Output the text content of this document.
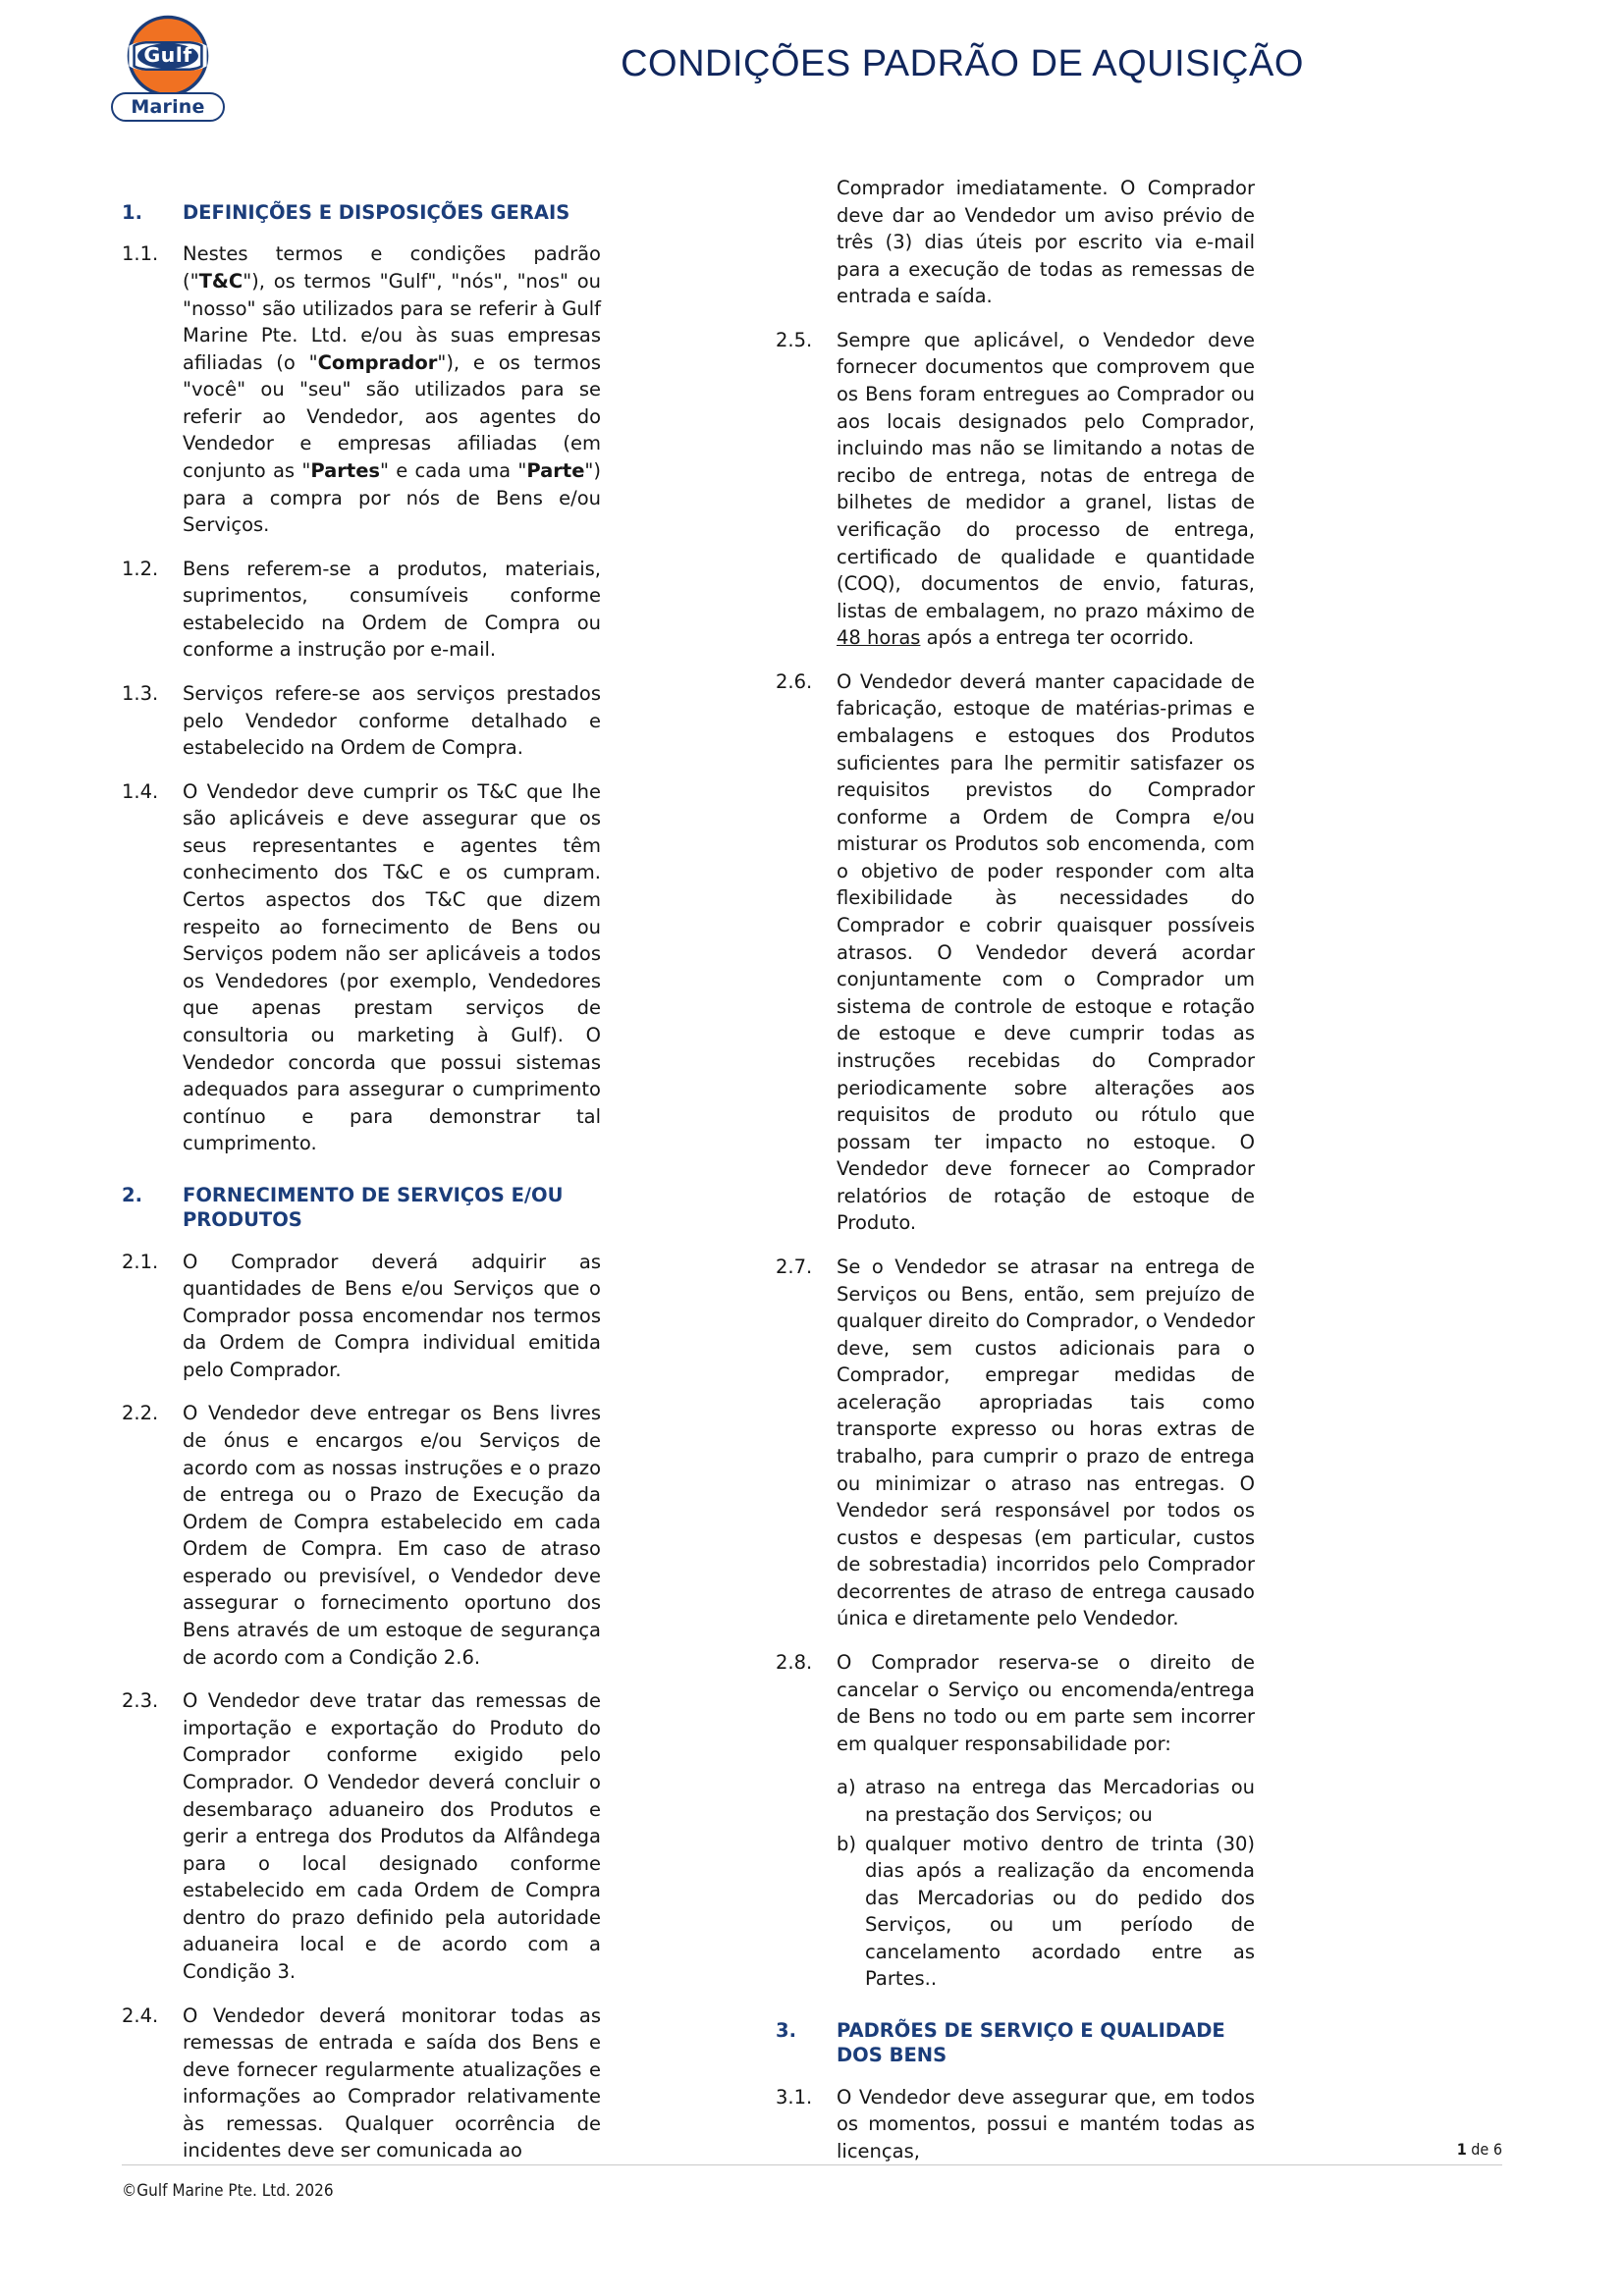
Gulf
Marine
CONDIÇÕES PADRÃO DE AQUISIÇÃO
1.	DEFINIÇÕES E DISPOSIÇÕES GERAIS
1.1.	Nestes termos e condições padrão ("T&C"), os termos "Gulf", "nós", "nos" ou "nosso" são utilizados para se referir à Gulf Marine Pte. Ltd. e/ou às suas empresas afiliadas (o "Comprador"), e os termos "você" ou "seu" são utilizados para se referir ao Vendedor, aos agentes do Vendedor e empresas afiliadas (em conjunto as "Partes" e cada uma "Parte") para a compra por nós de Bens e/ou Serviços.
1.2.	Bens referem-se a produtos, materiais, suprimentos, consumíveis conforme estabelecido na Ordem de Compra ou conforme a instrução por e-mail.
1.3.	Serviços refere-se aos serviços prestados pelo Vendedor conforme detalhado e estabelecido na Ordem de Compra.
1.4.	O Vendedor deve cumprir os T&C que lhe são aplicáveis e deve assegurar que os seus representantes e agentes têm conhecimento dos T&C e os cumpram. Certos aspectos dos T&C que dizem respeito ao fornecimento de Bens ou Serviços podem não ser aplicáveis a todos os Vendedores (por exemplo, Vendedores que apenas prestam serviços de consultoria ou marketing à Gulf). O Vendedor concorda que possui sistemas adequados para assegurar o cumprimento contínuo e para demonstrar tal cumprimento.
2.	FORNECIMENTO DE SERVIÇOS E/OU PRODUTOS
2.1.	O Comprador deverá adquirir as quantidades de Bens e/ou Serviços que o Comprador possa encomendar nos termos da Ordem de Compra individual emitida pelo Comprador.
2.2.	O Vendedor deve entregar os Bens livres de ónus e encargos e/ou Serviços de acordo com as nossas instruções e o prazo de entrega ou o Prazo de Execução da Ordem de Compra estabelecido em cada Ordem de Compra. Em caso de atraso esperado ou previsível, o Vendedor deve assegurar o fornecimento oportuno dos Bens através de um estoque de segurança de acordo com a Condição 2.6.
2.3.	O Vendedor deve tratar das remessas de importação e exportação do Produto do Comprador conforme exigido pelo Comprador. O Vendedor deverá concluir o desembaraço aduaneiro dos Produtos e gerir a entrega dos Produtos da Alfândega para o local designado conforme estabelecido em cada Ordem de Compra dentro do prazo definido pela autoridade aduaneira local e de acordo com a Condição 3.
2.4.	O Vendedor deverá monitorar todas as remessas de entrada e saída dos Bens e deve fornecer regularmente atualizações e informações ao Comprador relativamente às remessas. Qualquer ocorrência de incidentes deve ser comunicada ao
Comprador imediatamente. O Comprador deve dar ao Vendedor um aviso prévio de três (3) dias úteis por escrito via e-mail para a execução de todas as remessas de entrada e saída.
2.5.	Sempre que aplicável, o Vendedor deve fornecer documentos que comprovem que os Bens foram entregues ao Comprador ou aos locais designados pelo Comprador, incluindo mas não se limitando a notas de recibo de entrega, notas de entrega de bilhetes de medidor a granel, listas de verificação do processo de entrega, certificado de qualidade e quantidade (COQ), documentos de envio, faturas, listas de embalagem, no prazo máximo de 48 horas após a entrega ter ocorrido.
2.6.	O Vendedor deverá manter capacidade de fabricação, estoque de matérias-primas e embalagens e estoques dos Produtos suficientes para lhe permitir satisfazer os requisitos previstos do Comprador conforme a Ordem de Compra e/ou misturar os Produtos sob encomenda, com o objetivo de poder responder com alta flexibilidade às necessidades do Comprador e cobrir quaisquer possíveis atrasos. O Vendedor deverá acordar conjuntamente com o Comprador um sistema de controle de estoque e rotação de estoque e deve cumprir todas as instruções recebidas do Comprador periodicamente sobre alterações aos requisitos de produto ou rótulo que possam ter impacto no estoque. O Vendedor deve fornecer ao Comprador relatórios de rotação de estoque de Produto.
2.7.	Se o Vendedor se atrasar na entrega de Serviços ou Bens, então, sem prejuízo de qualquer direito do Comprador, o Vendedor deve, sem custos adicionais para o Comprador, empregar medidas de aceleração apropriadas tais como transporte expresso ou horas extras de trabalho, para cumprir o prazo de entrega ou minimizar o atraso nas entregas. O Vendedor será responsável por todos os custos e despesas (em particular, custos de sobrestadia) incorridos pelo Comprador decorrentes de atraso de entrega causado única e diretamente pelo Vendedor.
2.8.	O Comprador reserva-se o direito de cancelar o Serviço ou encomenda/entrega de Bens no todo ou em parte sem incorrer em qualquer responsabilidade por:
a) atraso na entrega das Mercadorias ou na prestação dos Serviços; ou
b) qualquer motivo dentro de trinta (30) dias após a realização da encomenda das Mercadorias ou do pedido dos Serviços, ou um período de cancelamento acordado entre as Partes..
3.	PADRÕES DE SERVIÇO E QUALIDADE DOS BENS
3.1.	O Vendedor deve assegurar que, em todos os momentos, possui e mantém todas as licenças,
©Gulf Marine Pte. Ltd. 2026
1 de 6
